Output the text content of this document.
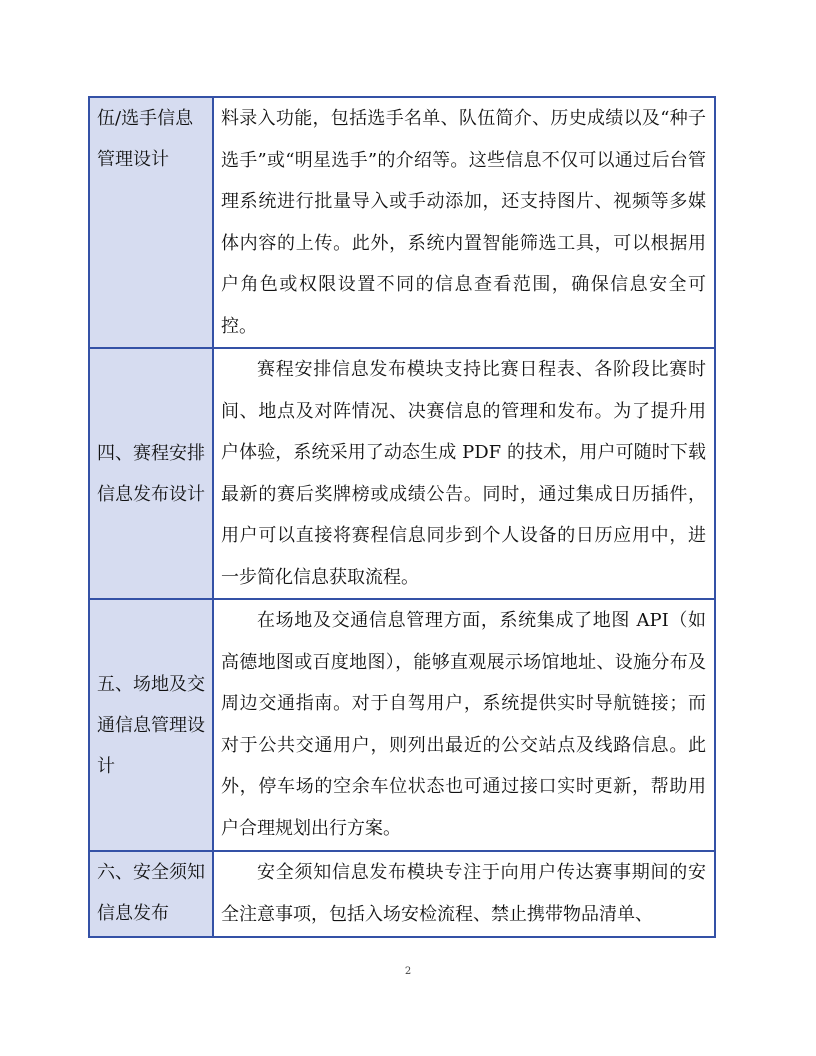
伍/选手信息管理设计	料录入功能，包括选手名单、队伍简介、历史成绩以及“种子选手”或“明星选手”的介绍等。这些信息不仅可以通过后台管理系统进行批量导入或手动添加，还支持图片、视频等多媒体内容的上传。此外，系统内置智能筛选工具，可以根据用户角色或权限设置不同的信息查看范围，确保信息安全可控。

四、赛程安排信息发布设计	赛程安排信息发布模块支持比赛日程表、各阶段比赛时间、地点及对阵情况、决赛信息的管理和发布。为了提升用户体验，系统采用了动态生成 PDF 的技术，用户可随时下载最新的赛后奖牌榜或成绩公告。同时，通过集成日历插件，用户可以直接将赛程信息同步到个人设备的日历应用中，进一步简化信息获取流程。

五、场地及交通信息管理设计	在场地及交通信息管理方面，系统集成了地图 API（如高德地图或百度地图），能够直观展示场馆地址、设施分布及周边交通指南。对于自驾用户，系统提供实时导航链接；而对于公共交通用户，则列出最近的公交站点及线路信息。此外，停车场的空余车位状态也可通过接口实时更新，帮助用户合理规划出行方案。

六、安全须知信息发布	安全须知信息发布模块专注于向用户传达赛事期间的安全注意事项，包括入场安检流程、禁止携带物品清单、

2
